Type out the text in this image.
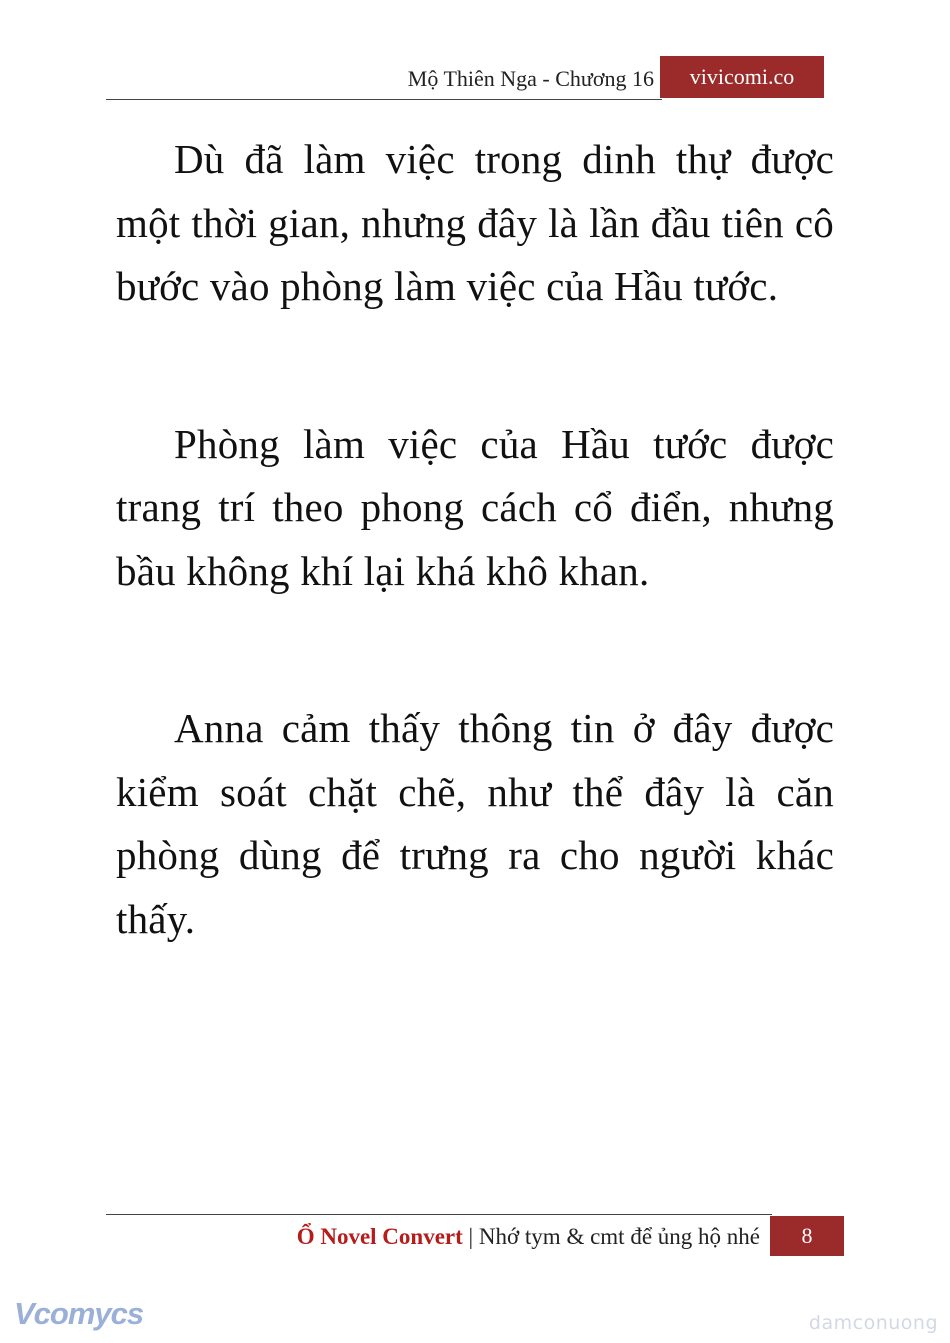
Mộ Thiên Nga - Chương 16	vivicomi.co

Dù đã làm việc trong dinh thự được một thời gian, nhưng đây là lần đầu tiên cô bước vào phòng làm việc của Hầu tước.

Phòng làm việc của Hầu tước được trang trí theo phong cách cổ điển, nhưng bầu không khí lại khá khô khan.

Anna cảm thấy thông tin ở đây được kiểm soát chặt chẽ, như thể đây là căn phòng dùng để trưng ra cho người khác thấy.

Ổ Novel Convert | Nhớ tym & cmt để ủng hộ nhé	8
Vcomycs	damconuong
